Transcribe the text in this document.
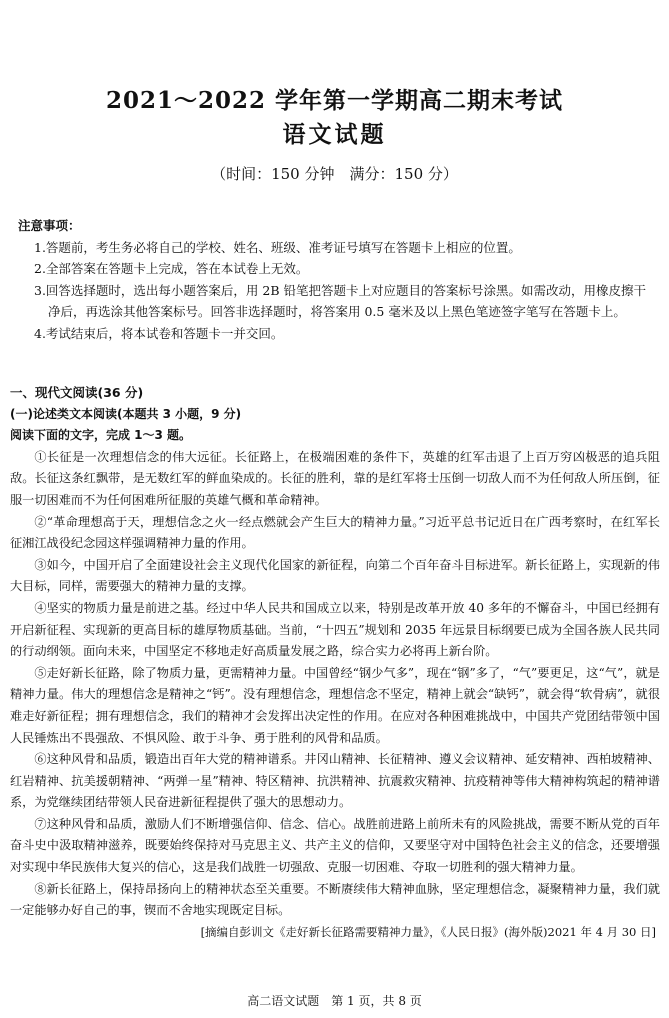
2021～2022 学年第一学期高二期末考试
语文试题
（时间：150 分钟　满分：150 分）
注意事项：
1.答题前，考生务必将自己的学校、姓名、班级、准考证号填写在答题卡上相应的位置。
2.全部答案在答题卡上完成，答在本试卷上无效。
3.回答选择题时，选出每小题答案后，用 2B 铅笔把答题卡上对应题目的答案标号涂黑。如需改动，用橡皮擦干净后，再选涂其他答案标号。回答非选择题时，将答案用 0.5 毫米及以上黑色笔迹签字笔写在答题卡上。
4.考试结束后，将本试卷和答题卡一并交回。
一、现代文阅读(36 分)
(一)论述类文本阅读(本题共 3 小题，9 分)
阅读下面的文字，完成 1～3 题。
①长征是一次理想信念的伟大远征。长征路上，在极端困难的条件下，英雄的红军击退了上百万穷凶极恶的追兵阻敌。长征这条红飘带，是无数红军的鲜血染成的。长征的胜利，靠的是红军将士压倒一切敌人而不为任何敌人所压倒，征服一切困难而不为任何困难所征服的英雄气概和革命精神。
②“革命理想高于天，理想信念之火一经点燃就会产生巨大的精神力量。”习近平总书记近日在广西考察时，在红军长征湘江战役纪念园这样强调精神力量的作用。
③如今，中国开启了全面建设社会主义现代化国家的新征程，向第二个百年奋斗目标进军。新长征路上，实现新的伟大目标，同样，需要强大的精神力量的支撑。
④坚实的物质力量是前进之基。经过中华人民共和国成立以来，特别是改革开放 40 多年的不懈奋斗，中国已经拥有开启新征程、实现新的更高目标的雄厚物质基础。当前，“十四五”规划和 2035 年远景目标纲要已成为全国各族人民共同的行动纲领。面向未来，中国坚定不移地走好高质量发展之路，综合实力必将再上新台阶。
⑤走好新长征路，除了物质力量，更需精神力量。中国曾经“钢少气多”，现在“钢”多了，“气”要更足，这“气”，就是精神力量。伟大的理想信念是精神之“钙”。没有理想信念，理想信念不坚定，精神上就会“缺钙”，就会得“软骨病”，就很难走好新征程；拥有理想信念，我们的精神才会发挥出决定性的作用。在应对各种困难挑战中，中国共产党团结带领中国人民锤炼出不畏强敌、不惧风险、敢于斗争、勇于胜利的风骨和品质。
⑥这种风骨和品质，锻造出百年大党的精神谱系。井冈山精神、长征精神、遵义会议精神、延安精神、西柏坡精神、红岩精神、抗美援朝精神、“两弹一星”精神、特区精神、抗洪精神、抗震救灾精神、抗疫精神等伟大精神构筑起的精神谱系，为党继续团结带领人民奋进新征程提供了强大的思想动力。
⑦这种风骨和品质，激励人们不断增强信仰、信念、信心。战胜前进路上前所未有的风险挑战，需要不断从党的百年奋斗史中汲取精神滋养，既要始终保持对马克思主义、共产主义的信仰，又要坚守对中国特色社会主义的信念，还要增强对实现中华民族伟大复兴的信心，这是我们战胜一切强敌、克服一切困难、夺取一切胜利的强大精神力量。
⑧新长征路上，保持昂扬向上的精神状态至关重要。不断赓续伟大精神血脉，坚定理想信念，凝聚精神力量，我们就一定能够办好自己的事，锲而不舍地实现既定目标。
[摘编自彭训文《走好新长征路需要精神力量》，《人民日报》(海外版)2021 年 4 月 30 日]
高二语文试题　第 1 页，共 8 页
